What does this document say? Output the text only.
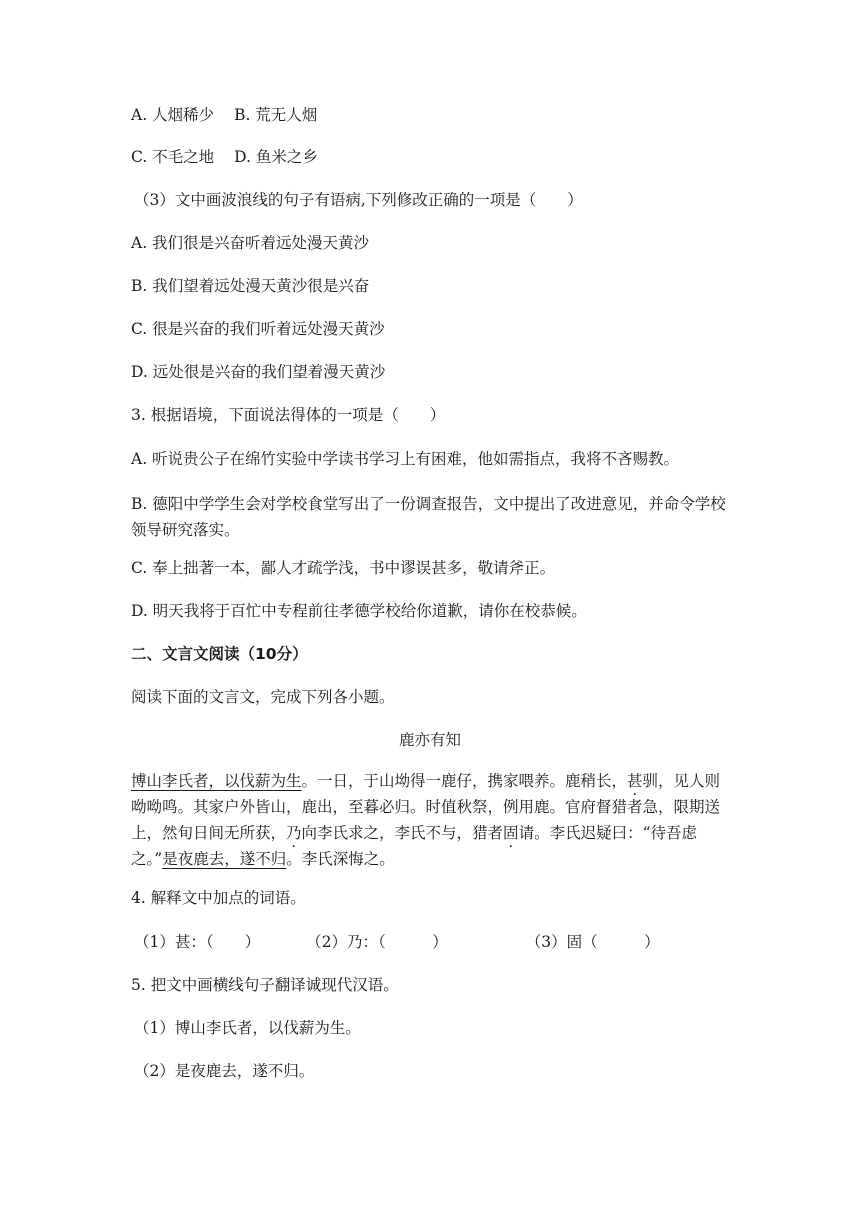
A. 人烟稀少 B. 荒无人烟
C. 不毛之地 D. 鱼米之乡
（3）文中画波浪线的句子有语病,下列修改正确的一项是（　　）
A. 我们很是兴奋听着远处漫天黄沙
B. 我们望着远处漫天黄沙很是兴奋
C. 很是兴奋的我们听着远处漫天黄沙
D. 远处很是兴奋的我们望着漫天黄沙
3. 根据语境，下面说法得体的一项是（　　）
A. 听说贵公子在绵竹实验中学读书学习上有困难，他如需指点，我将不吝赐教。
B. 德阳中学学生会对学校食堂写出了一份调查报告，文中提出了改进意见，并命令学校领导研究落实。
C. 奉上拙著一本，鄙人才疏学浅，书中谬误甚多，敬请斧正。
D. 明天我将于百忙中专程前往孝德学校给你道歉，请你在校恭候。
二、文言文阅读（10分）
阅读下面的文言文，完成下列各小题。
鹿亦有知
博山李氏者，以伐薪为生。一日，于山坳得一鹿仔，携家喂养。鹿稍长，甚驯，见人则呦呦鸣。其家户外皆山，鹿出，至暮必归。时值秋祭，例用鹿。官府督猎者急，限期送上，然旬日间无所获，乃向李氏求之，李氏不与，猎者固请。李氏迟疑曰：“待吾虑之。”是夜鹿去，遂不归。李氏深悔之。
4. 解释文中加点的词语。
（1）甚：（　　）	（2）乃：（　　　）	（3）固（　　　）
5. 把文中画横线句子翻译诚现代汉语。
（1）博山李氏者，以伐薪为生。
（2）是夜鹿去，遂不归。
